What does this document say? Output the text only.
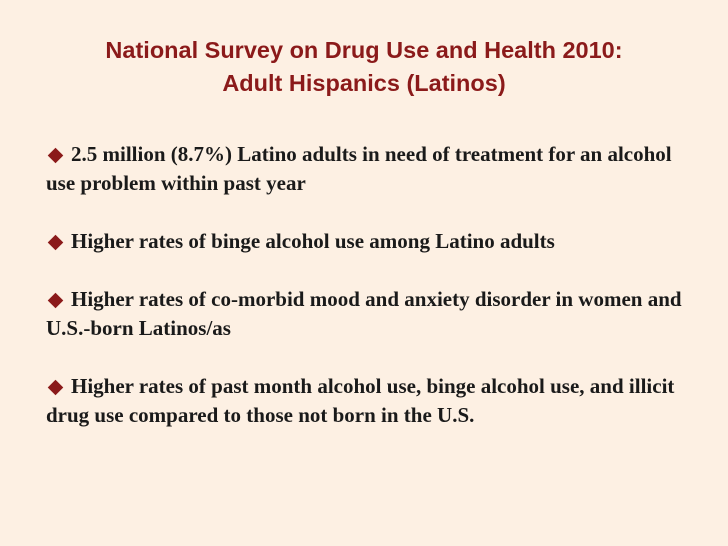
National Survey on Drug Use and Health 2010:
Adult Hispanics (Latinos)
2.5 million (8.7%) Latino adults in need of treatment for an alcohol use problem within past year
Higher rates of binge alcohol use among Latino adults
Higher rates of co-morbid mood and anxiety disorder in women and U.S.-born Latinos/as
Higher rates of past month alcohol use, binge alcohol use, and illicit drug use compared to those not born in the U.S.
